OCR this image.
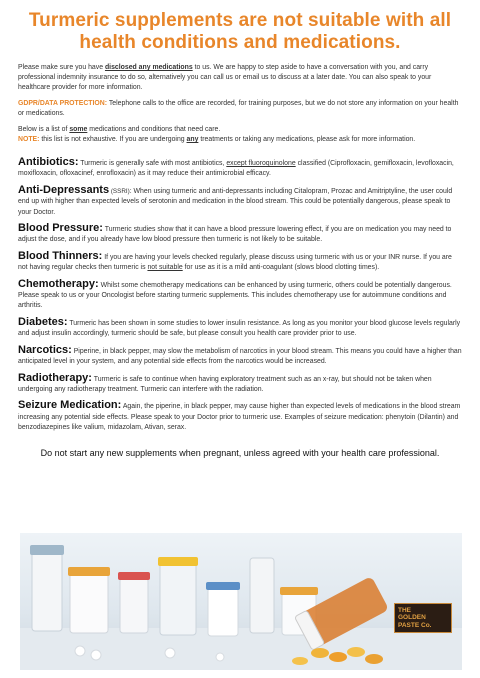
Turmeric supplements are not suitable with all health conditions and medications.

Please make sure you have disclosed any medications to us. We are happy to step aside to have a conversation with you, and carry professional indemnity insurance to do so, alternatively you can call us or email us to discuss at a later date. You can also speak to your healthcare provider for more information.

GDPR/DATA PROTECTION: Telephone calls to the office are recorded, for training purposes, but we do not store any information on your health or medications.

Below is a list of some medications and conditions that need care.
NOTE: this list is not exhaustive. If you are undergoing any treatments or taking any medications, please ask for more information.
Antibiotics: Turmeric is generally safe with most antibiotics, except fluoroquinolone classified (Ciprofloxacin, gemifloxacin, levofloxacin, moxifloxacin, ofloxacinef, enrofloxacin) as it may reduce their antimicrobial efficacy.
Anti-Depressants (SSRI): When using turmeric and anti-depressants including Citalopram, Prozac and Amitriptyline, the user could end up with higher than expected levels of serotonin and medication in the blood stream. This could be potentially dangerous, please speak to your Doctor.
Blood Pressure: Turmeric studies show that it can have a blood pressure lowering effect, if you are on medication you may need to adjust the dose, and if you already have low blood pressure then turmeric is not likely to be suitable.
Blood Thinners: If you are having your levels checked regularly, please discuss using turmeric with us or your INR nurse. If you are not having regular checks then turmeric is not suitable for use as it is a mild anti-coagulant (slows blood clotting times).
Chemotherapy: Whilst some chemotherapy medications can be enhanced by using turmeric, others could be potentially dangerous. Please speak to us or your Oncologist before starting turmeric supplements. This includes chemotherapy use for autoimmune conditions and arthritis.
Diabetes: Turmeric has been shown in some studies to lower insulin resistance. As long as you monitor your blood glucose levels regularly and adjust insulin accordingly, turmeric should be safe, but please consult you health care provider prior to use.
Narcotics: Piperine, in black pepper, may slow the metabolism of narcotics in your blood stream. This means you could have a higher than anticipated level in your system, and any potential side effects from the narcotics would be increased.
Radiotherapy: Turmeric is safe to continue when having exploratory treatment such as an x-ray, but should not be taken when undergoing any radiotherapy treatment. Turmeric can interfere with the radiation.
Seizure Medication: Again, the piperine, in black pepper, may cause higher than expected levels of medications in the blood stream increasing any potential side effects. Please speak to your Doctor prior to turmeric use. Examples of seizure medication: phenytoin (Dilantin) and benzodiazepines like valium, midazolam, Ativan, serax.
Do not start any new supplements when pregnant, unless agreed with your health care professional.
THE
GOLDEN
PASTE Co.
